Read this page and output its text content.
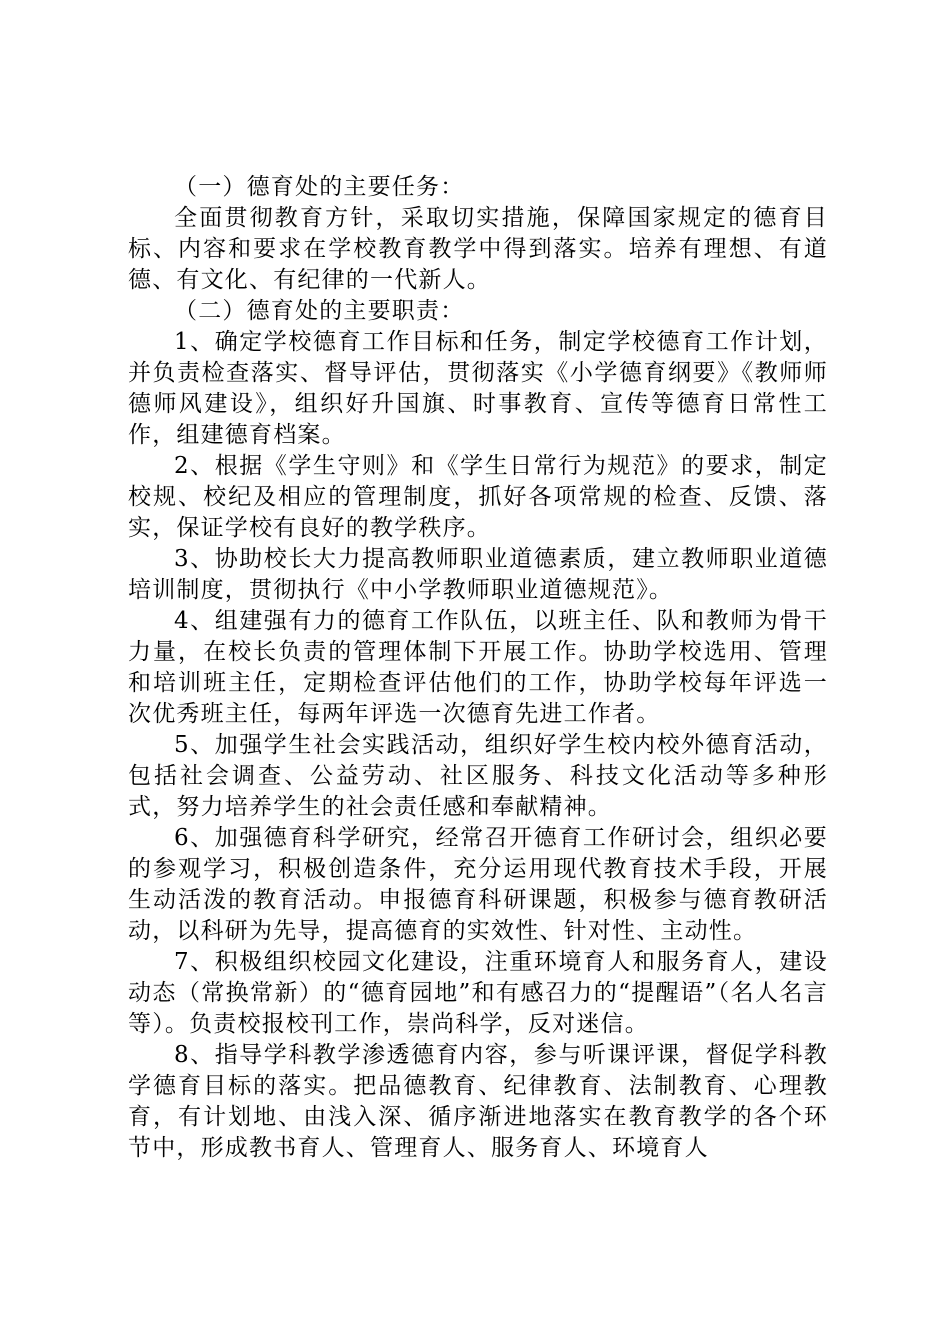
（一）德育处的主要任务：

全面贯彻教育方针，采取切实措施，保障国家规定的德育目标、内容和要求在学校教育教学中得到落实。培养有理想、有道德、有文化、有纪律的一代新人。

（二）德育处的主要职责：

1、确定学校德育工作目标和任务，制定学校德育工作计划，并负责检查落实、督导评估，贯彻落实《小学德育纲要》《教师师德师风建设》，组织好升国旗、时事教育、宣传等德育日常性工作，组建德育档案。

2、根据《学生守则》和《学生日常行为规范》的要求，制定校规、校纪及相应的管理制度，抓好各项常规的检查、反馈、落实，保证学校有良好的教学秩序。

3、协助校长大力提高教师职业道德素质，建立教师职业道德培训制度，贯彻执行《中小学教师职业道德规范》。

4、组建强有力的德育工作队伍，以班主任、队和教师为骨干力量，在校长负责的管理体制下开展工作。协助学校选用、管理和培训班主任，定期检查评估他们的工作，协助学校每年评选一次优秀班主任，每两年评选一次德育先进工作者。

5、加强学生社会实践活动，组织好学生校内校外德育活动，包括社会调查、公益劳动、社区服务、科技文化活动等多种形式，努力培养学生的社会责任感和奉献精神。

6、加强德育科学研究，经常召开德育工作研讨会，组织必要的参观学习，积极创造条件，充分运用现代教育技术手段，开展生动活泼的教育活动。申报德育科研课题，积极参与德育教研活动，以科研为先导，提高德育的实效性、针对性、主动性。

7、积极组织校园文化建设，注重环境育人和服务育人，建设动态（常换常新）的“德育园地”和有感召力的“提醒语”（名人名言等）。负责校报校刊工作，崇尚科学，反对迷信。

8、指导学科教学渗透德育内容，参与听课评课，督促学科教学德育目标的落实。把品德教育、纪律教育、法制教育、心理教育，有计划地、由浅入深、循序渐进地落实在教育教学的各个环节中，形成教书育人、管理育人、服务育人、环境育人
